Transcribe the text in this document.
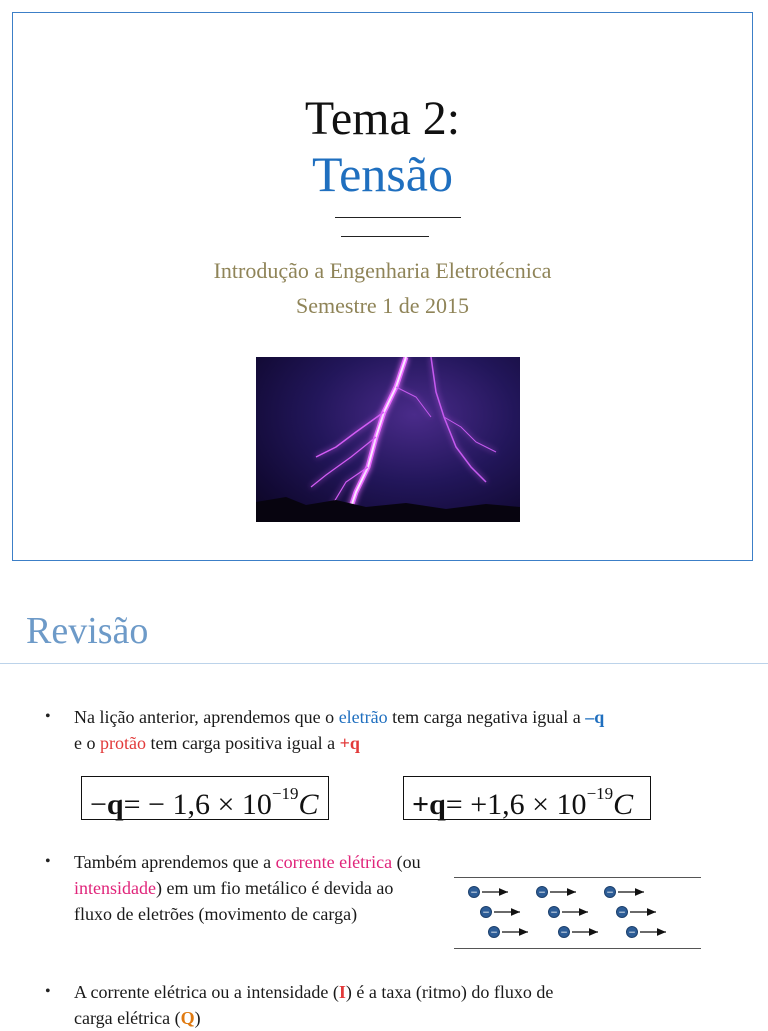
Tema 2:
Tensão
Introdução a Engenharia Eletrotécnica
Semestre 1 de 2015
Revisão
• Na lição anterior, aprendemos que o eletrão tem carga negativa igual a –q
e o protão tem carga positiva igual a +q
$-q= - 1,6 \times 10^{-19}C$	$+q= +1,6 \times 10^{-19}C$
• Também aprendemos que a corrente elétrica (ou
intensidade) em um fio metálico é devida ao
fluxo de eletrões (movimento de carga)
−	−	−
−	−	−
−	−	−
• A corrente elétrica ou a intensidade (I) é a taxa (ritmo) do fluxo de
carga elétrica (Q)
